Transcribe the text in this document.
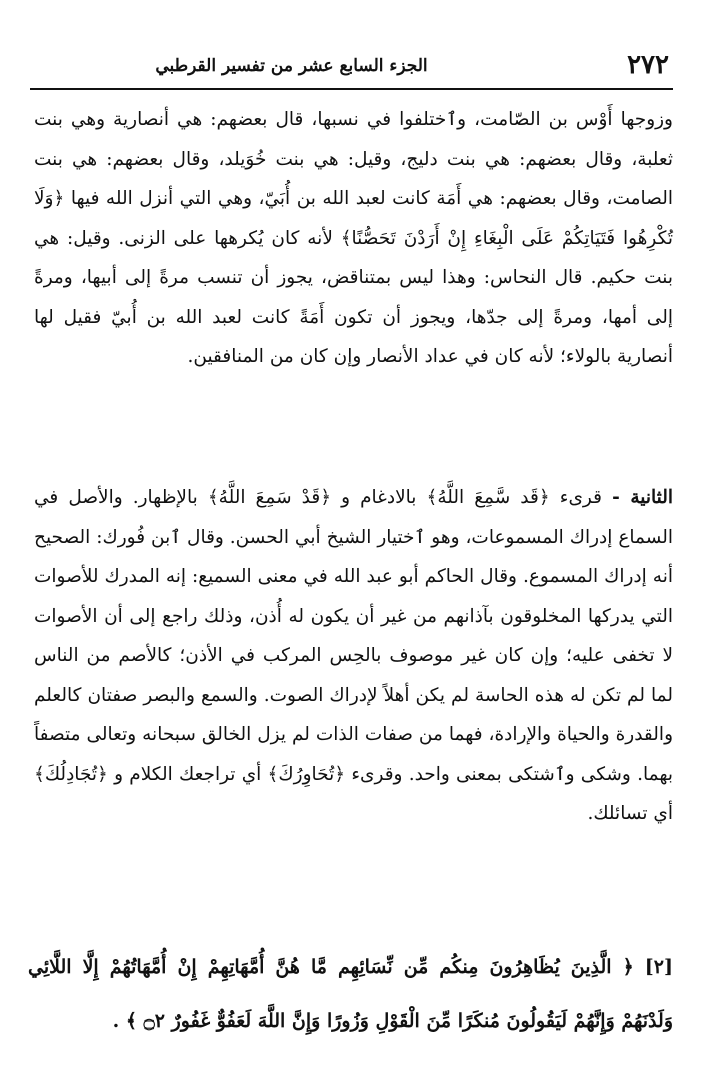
٢٧٢
الجزء السابع عشر من تفسير القرطبي
وزوجها أَوْس بن الصّامت، وٱختلفوا في نسبها، قال بعضهم: هي أنصارية وهي بنت ثعلبة، وقال بعضهم: هي بنت دليج، وقيل: هي بنت خُوَيلد، وقال بعضهم: هي بنت الصامت، وقال بعضهم: هي أَمَة كانت لعبد الله بن أُبَيّ، وهي التي أنزل الله فيها ﴿وَلَا تُكْرِهُوا فَتَيَاتِكُمْ عَلَى الْبِغَاءِ إِنْ أَرَدْنَ تَحَصُّنًا﴾ لأنه كان يُكرهها على الزنى. وقيل: هي بنت حكيم. قال النحاس: وهذا ليس بمتناقض، يجوز أن تنسب مرةً إلى أبيها، ومرةً إلى أمها، ومرةً إلى جدّها، ويجوز أن تكون أَمَةً كانت لعبد الله بن أُبيّ فقيل لها أنصارية بالولاء؛ لأنه كان في عداد الأنصار وإن كان من المنافقين.
الثانية - قرىء ﴿قَد سَّمِعَ اللَّهُ﴾ بالادغام و ﴿قَدْ سَمِعَ اللَّهُ﴾ بالإظهار. والأصل في السماع إدراك المسموعات، وهو ٱختيار الشيخ أبي الحسن. وقال ٱبن فُورك: الصحيح أنه إدراك المسموع. وقال الحاكم أبو عبد الله في معنى السميع: إنه المدرك للأصوات التي يدركها المخلوقون بآذانهم من غير أن يكون له أُذن، وذلك راجع إلى أن الأصوات لا تخفى عليه؛ وإن كان غير موصوف بالحِس المركب في الأذن؛ كالأصم من الناس لما لم تكن له هذه الحاسة لم يكن أهلاً لإدراك الصوت. والسمع والبصر صفتان كالعلم والقدرة والحياة والإرادة، فهما من صفات الذات لم يزل الخالق سبحانه وتعالى متصفاً بهما. وشكى وٱشتكى بمعنى واحد. وقرىء ﴿تُحَاوِرُكَ﴾ أي تراجعك الكلام و ﴿تُجَادِلُكَ﴾ أي تسائلك.
[٢] ﴿ الَّذِينَ يُظَاهِرُونَ مِنكُم مِّن نِّسَائِهِم مَّا هُنَّ أُمَّهَاتِهِمْ إِنْ أُمَّهَاتُهُمْ إِلَّا اللَّائِي وَلَدْنَهُمْ وَإِنَّهُمْ لَيَقُولُونَ مُنكَرًا مِّنَ الْقَوْلِ وَزُورًا وَإِنَّ اللَّهَ لَعَفُوٌّ غَفُورٌ ۝٢ ﴾ .
